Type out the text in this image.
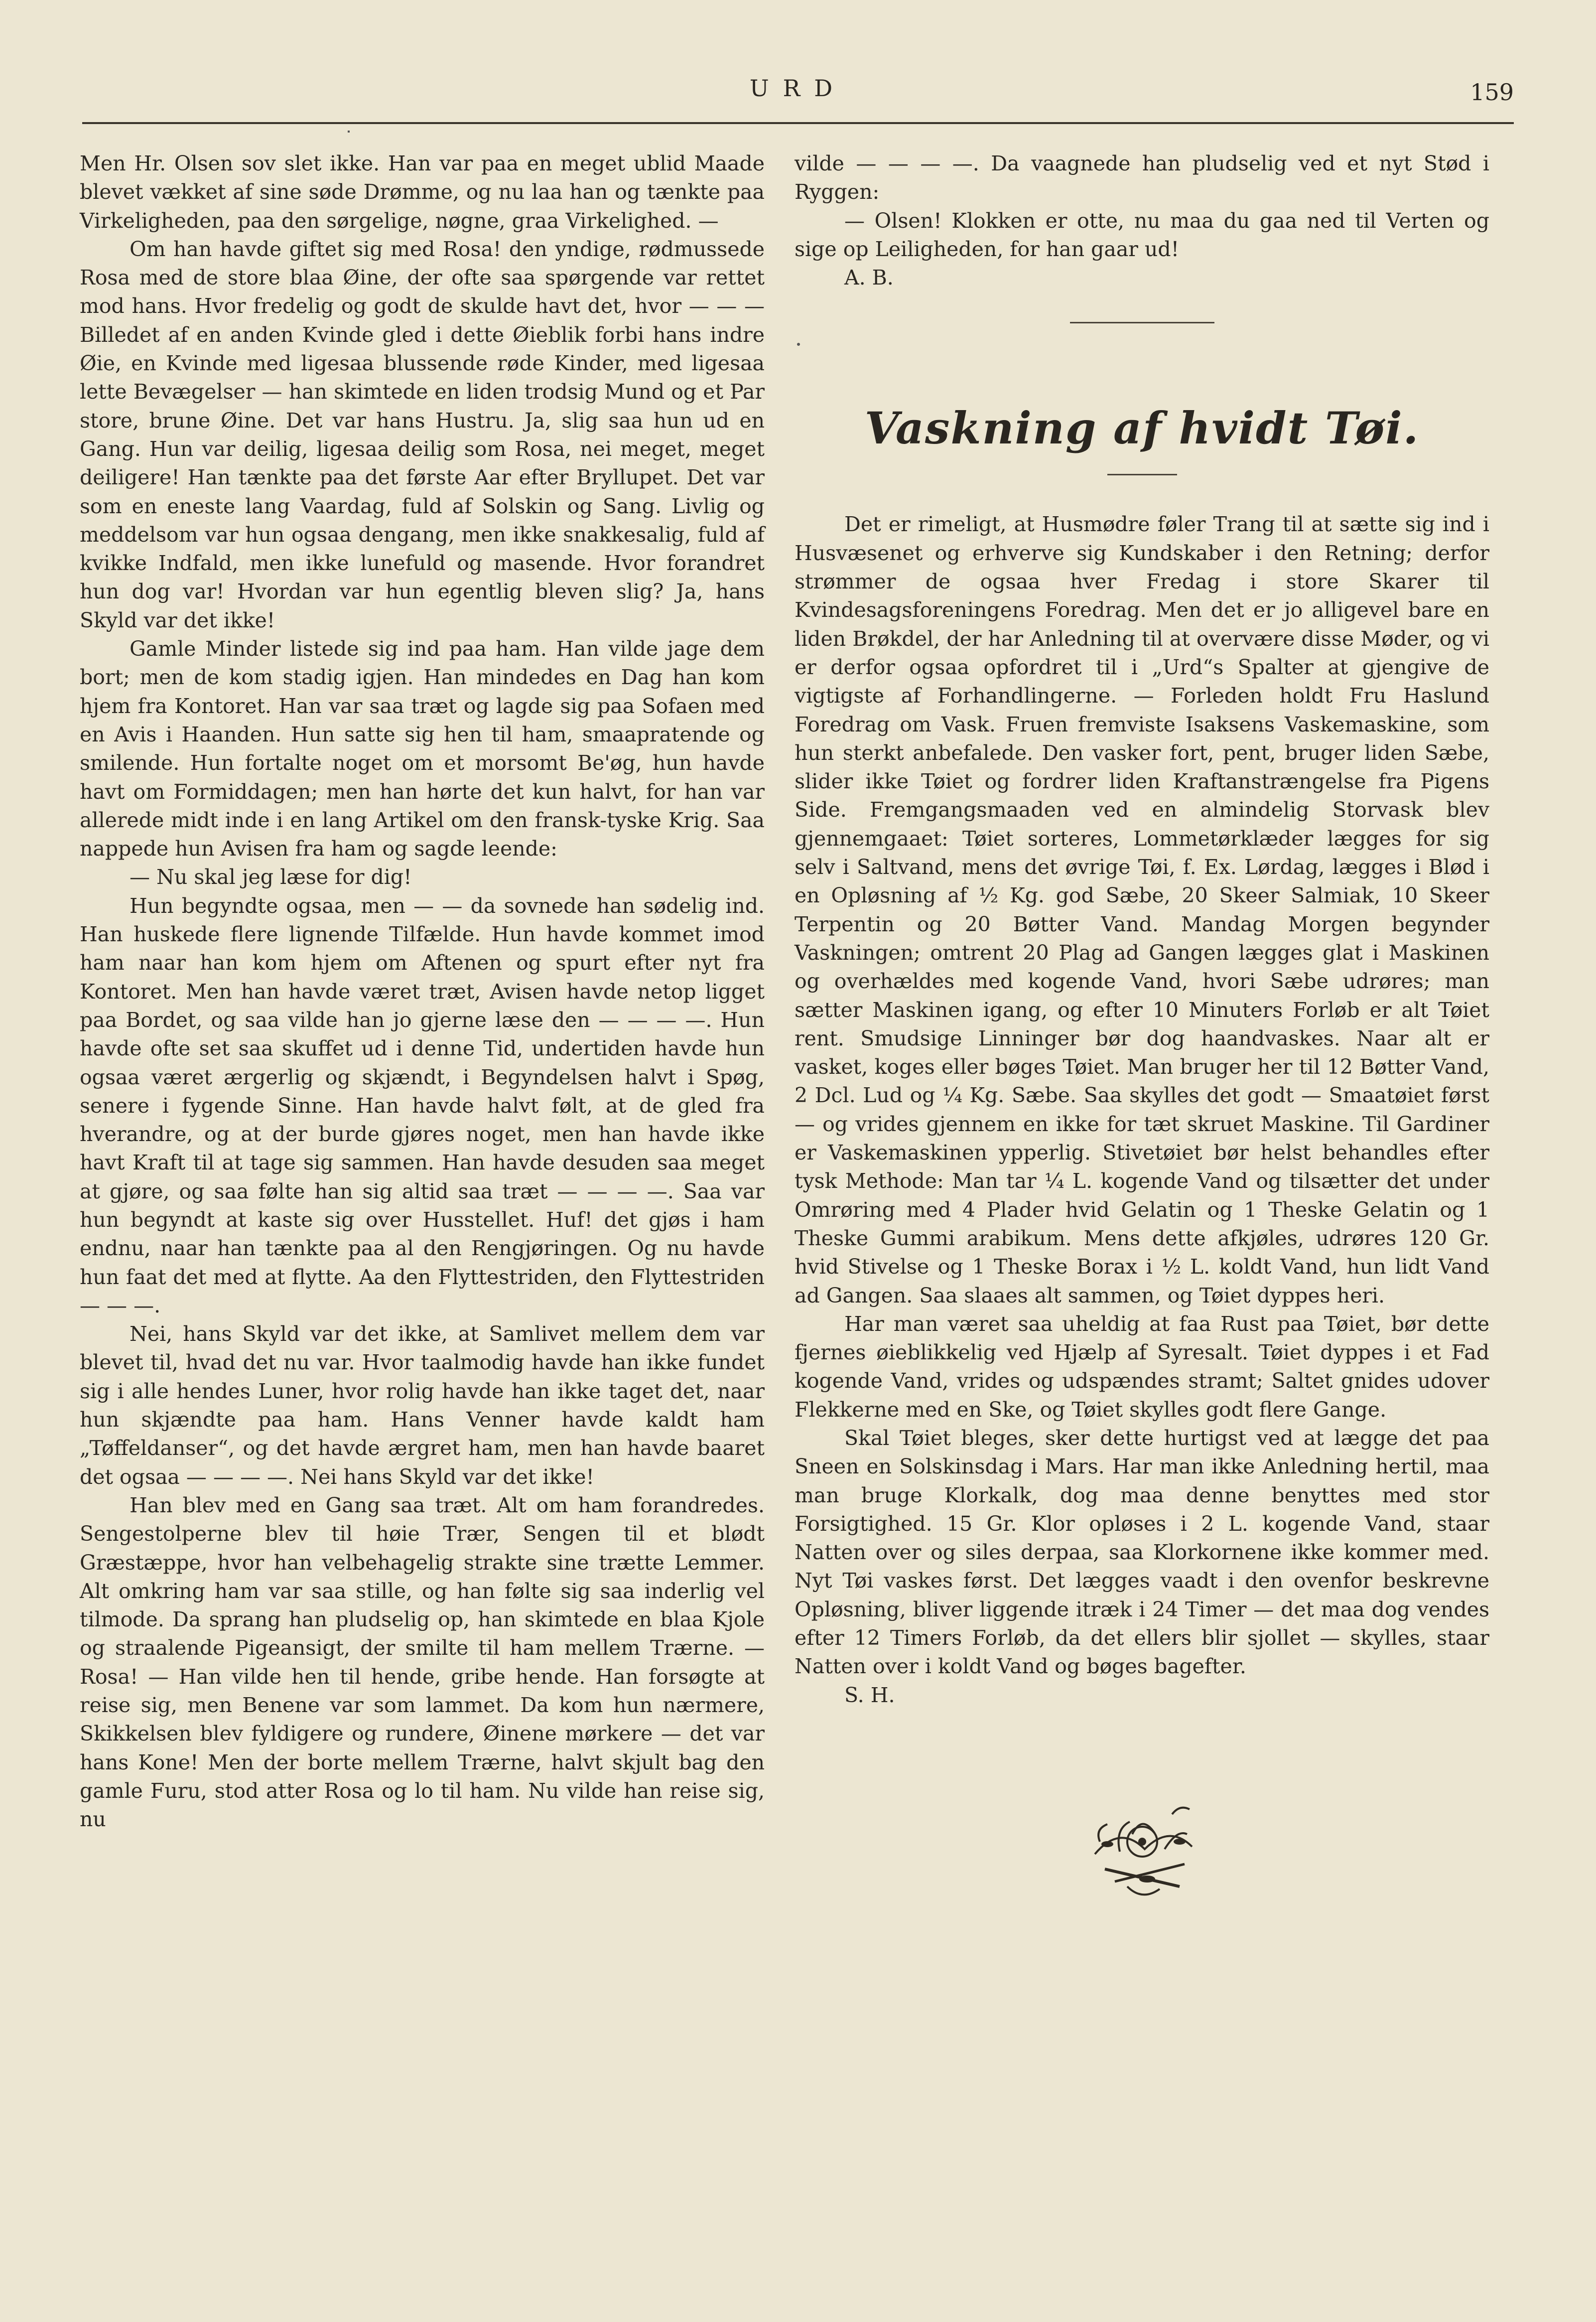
URD	159

Men Hr. Olsen sov slet ikke. Han var paa en meget ublid Maade blevet vækket af sine søde Drømme, og nu laa han og tænkte paa Virkeligheden, paa den sørgelige, nøgne, graa Virkelighed. —

Om han havde giftet sig med Rosa! den yndige, rødmussede Rosa med de store blaa Øine, der ofte saa spørgende var rettet mod hans. Hvor fredelig og godt de skulde havt det, hvor — — — Billedet af en anden Kvinde gled i dette Øieblik forbi hans indre Øie, en Kvinde med ligesaa blussende røde Kinder, med ligesaa lette Bevægelser — han skimtede en liden trodsig Mund og et Par store, brune Øine. Det var hans Hustru. Ja, slig saa hun ud en Gang. Hun var deilig, ligesaa deilig som Rosa, nei meget, meget deiligere! Han tænkte paa det første Aar efter Bryllupet. Det var som en eneste lang Vaardag, fuld af Solskin og Sang. Livlig og meddelsom var hun ogsaa dengang, men ikke snakkesalig, fuld af kvikke Indfald, men ikke lunefuld og masende. Hvor forandret hun dog var! Hvordan var hun egentlig bleven slig? Ja, hans Skyld var det ikke!

Gamle Minder listede sig ind paa ham. Han vilde jage dem bort; men de kom stadig igjen. Han mindedes en Dag han kom hjem fra Kontoret. Han var saa træt og lagde sig paa Sofaen med en Avis i Haanden. Hun satte sig hen til ham, smaapratende og smilende. Hun fortalte noget om et morsomt Be'øg, hun havde havt om Formiddagen; men han hørte det kun halvt, for han var allerede midt inde i en lang Artikel om den fransk-tyske Krig. Saa nappede hun Avisen fra ham og sagde leende:

— Nu skal jeg læse for dig!

Hun begyndte ogsaa, men — — da sovnede han sødelig ind. Han huskede flere lignende Tilfælde. Hun havde kommet imod ham naar han kom hjem om Aftenen og spurt efter nyt fra Kontoret. Men han havde været træt, Avisen havde netop ligget paa Bordet, og saa vilde han jo gjerne læse den — — — —. Hun havde ofte set saa skuffet ud i denne Tid, undertiden havde hun ogsaa været ærgerlig og skjændt, i Begyndelsen halvt i Spøg, senere i fygende Sinne. Han havde halvt følt, at de gled fra hverandre, og at der burde gjøres noget, men han havde ikke havt Kraft til at tage sig sammen. Han havde desuden saa meget at gjøre, og saa følte han sig altid saa træt — — — —. Saa var hun begyndt at kaste sig over Husstellet. Huf! det gjøs i ham endnu, naar han tænkte paa al den Rengjøringen. Og nu havde hun faat det med at flytte. Aa den Flyttestriden, den Flyttestriden — — —.

Nei, hans Skyld var det ikke, at Samlivet mellem dem var blevet til, hvad det nu var. Hvor taalmodig havde han ikke fundet sig i alle hendes Luner, hvor rolig havde han ikke taget det, naar hun skjændte paa ham. Hans Venner havde kaldt ham „Tøffeldanser“, og det havde ærgret ham, men han havde baaret det ogsaa — — — —. Nei hans Skyld var det ikke!

Han blev med en Gang saa træt. Alt om ham forandredes. Sengestolperne blev til høie Trær, Sengen til et blødt Græstæppe, hvor han velbehagelig strakte sine trætte Lemmer. Alt omkring ham var saa stille, og han følte sig saa inderlig vel tilmode. Da sprang han pludselig op, han skimtede en blaa Kjole og straalende Pigeansigt, der smilte til ham mellem Trærne. — Rosa! — Han vilde hen til hende, gribe hende. Han forsøgte at reise sig, men Benene var som lammet. Da kom hun nærmere, Skikkelsen blev fyldigere og rundere, Øinene mørkere — det var hans Kone! Men der borte mellem Trærne, halvt skjult bag den gamle Furu, stod atter Rosa og lo til ham. Nu vilde han reise sig, nu

vilde — — — —. Da vaagnede han pludselig ved et nyt Stød i Ryggen:

— Olsen! Klokken er otte, nu maa du gaa ned til Verten og sige op Leiligheden, for han gaar ud!

A. B.

Vaskning af hvidt Tøi.

Det er rimeligt, at Husmødre føler Trang til at sætte sig ind i Husvæsenet og erhverve sig Kundskaber i den Retning; derfor strømmer de ogsaa hver Fredag i store Skarer til Kvindesagsforeningens Foredrag. Men det er jo alligevel bare en liden Brøkdel, der har Anledning til at overvære disse Møder, og vi er derfor ogsaa opfordret til i „Urd“s Spalter at gjengive de vigtigste af Forhandlingerne. — Forleden holdt Fru Haslund Foredrag om Vask. Fruen fremviste Isaksens Vaskemaskine, som hun sterkt anbefalede. Den vasker fort, pent, bruger liden Sæbe, slider ikke Tøiet og fordrer liden Kraftanstrængelse fra Pigens Side. Fremgangsmaaden ved en almindelig Storvask blev gjennemgaaet: Tøiet sorteres, Lommetørklæder lægges for sig selv i Saltvand, mens det øvrige Tøi, f. Ex. Lørdag, lægges i Blød i en Opløsning af ½ Kg. god Sæbe, 20 Skeer Salmiak, 10 Skeer Terpentin og 20 Bøtter Vand. Mandag Morgen begynder Vaskningen; omtrent 20 Plag ad Gangen lægges glat i Maskinen og overhældes med kogende Vand, hvori Sæbe udrøres; man sætter Maskinen igang, og efter 10 Minuters Forløb er alt Tøiet rent. Smudsige Linninger bør dog haandvaskes. Naar alt er vasket, koges eller bøges Tøiet. Man bruger her til 12 Bøtter Vand, 2 Dcl. Lud og ¼ Kg. Sæbe. Saa skylles det godt — Smaatøiet først — og vrides gjennem en ikke for tæt skruet Maskine. Til Gardiner er Vaskemaskinen ypperlig. Stivetøiet bør helst behandles efter tysk Methode: Man tar ¼ L. kogende Vand og tilsætter det under Omrøring med 4 Plader hvid Gelatin og 1 Theske Gelatin og 1 Theske Gummi arabikum. Mens dette afkjøles, udrøres 120 Gr. hvid Stivelse og 1 Theske Borax i ½ L. koldt Vand, hun lidt Vand ad Gangen. Saa slaaes alt sammen, og Tøiet dyppes heri.

Har man været saa uheldig at faa Rust paa Tøiet, bør dette fjernes øieblikkelig ved Hjælp af Syresalt. Tøiet dyppes i et Fad kogende Vand, vrides og udspændes stramt; Saltet gnides udover Flekkerne med en Ske, og Tøiet skylles godt flere Gange.

Skal Tøiet bleges, sker dette hurtigst ved at lægge det paa Sneen en Solskinsdag i Mars. Har man ikke Anledning hertil, maa man bruge Klorkalk, dog maa denne benyttes med stor Forsigtighed. 15 Gr. Klor opløses i 2 L. kogende Vand, staar Natten over og siles derpaa, saa Klorkornene ikke kommer med. Nyt Tøi vaskes først. Det lægges vaadt i den ovenfor beskrevne Opløsning, bliver liggende itræk i 24 Timer — det maa dog vendes efter 12 Timers Forløb, da det ellers blir sjollet — skylles, staar Natten over i koldt Vand og bøges bagefter.

S. H.
